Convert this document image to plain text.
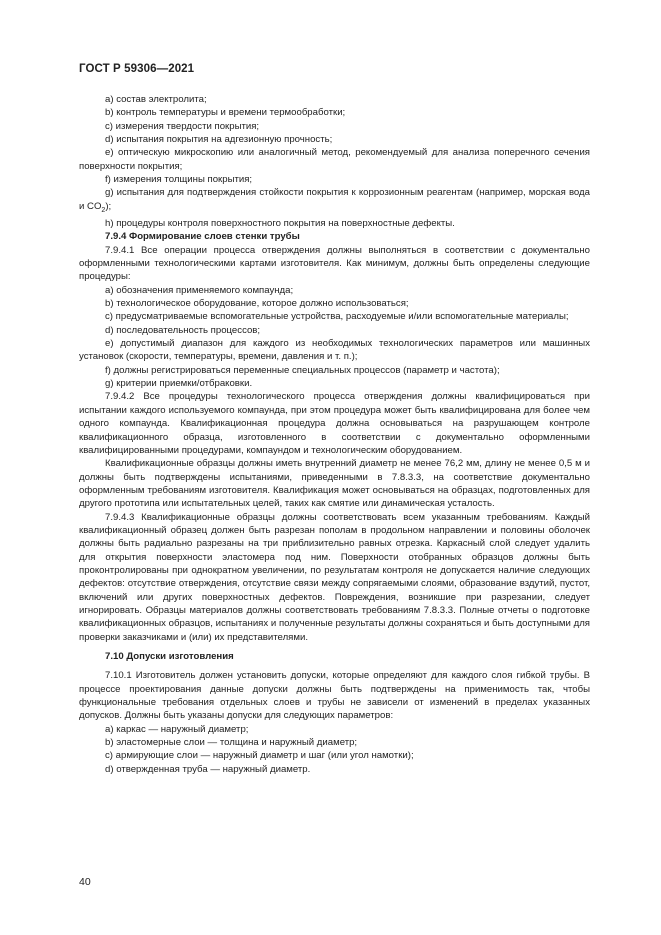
ГОСТ Р 59306—2021

a) состав электролита;

b) контроль температуры и времени термообработки;

c) измерения твердости покрытия;

d) испытания покрытия на адгезионную прочность;

e) оптическую микроскопию или аналогичный метод, рекомендуемый для анализа поперечного сечения поверхности покрытия;

f) измерения толщины покрытия;

g) испытания для подтверждения стойкости покрытия к коррозионным реагентам (например, морская вода и $CO_2$);

h) процедуры контроля поверхностного покрытия на поверхностные дефекты.

7.9.4 Формирование слоев стенки трубы

7.9.4.1 Все операции процесса отверждения должны выполняться в соответствии с документально оформленными технологическими картами изготовителя. Как минимум, должны быть определены следующие процедуры:

a) обозначения применяемого компаунда;

b) технологическое оборудование, которое должно использоваться;

c) предусматриваемые вспомогательные устройства, расходуемые и/или вспомогательные материалы;

d) последовательность процессов;

e) допустимый диапазон для каждого из необходимых технологических параметров или машинных установок (скорости, температуры, времени, давления и т. п.);

f) должны регистрироваться переменные специальных процессов (параметр и частота);

g) критерии приемки/отбраковки.

7.9.4.2 Все процедуры технологического процесса отверждения должны квалифицироваться при испытании каждого используемого компаунда, при этом процедура может быть квалифицирована для более чем одного компаунда. Квалификационная процедура должна основываться на разрушающем контроле квалификационного образца, изготовленного в соответствии с документально оформленными квалифицированными процедурами, компаундом и технологическим оборудованием.

Квалификационные образцы должны иметь внутренний диаметр не менее 76,2 мм, длину не менее 0,5 м и должны быть подтверждены испытаниями, приведенными в 7.8.3.3, на соответствие документально оформленным требованиям изготовителя. Квалификация может основываться на образцах, подготовленных для другого прототипа или испытательных целей, таких как смятие или динамическая усталость.

7.9.4.3 Квалификационные образцы должны соответствовать всем указанным требованиям. Каждый квалификационный образец должен быть разрезан пополам в продольном направлении и половины оболочек должны быть радиально разрезаны на три приблизительно равных отрезка. Каркасный слой следует удалить для открытия поверхности эластомера под ним. Поверхности отобранных образцов должны быть проконтролированы при однократном увеличении, по результатам контроля не допускается наличие следующих дефектов: отсутствие отверждения, отсутствие связи между сопрягаемыми слоями, образование вздутий, пустот, включений или других поверхностных дефектов. Повреждения, возникшие при разрезании, следует игнорировать. Образцы материалов должны соответствовать требованиям 7.8.3.3. Полные отчеты о подготовке квалификационных образцов, испытаниях и полученные результаты должны сохраняться и быть доступными для проверки заказчиками и (или) их представителями.

7.10 Допуски изготовления

7.10.1 Изготовитель должен установить допуски, которые определяют для каждого слоя гибкой трубы. В процессе проектирования данные допуски должны быть подтверждены на применимость так, чтобы функциональные требования отдельных слоев и трубы не зависели от изменений в пределах указанных допусков. Должны быть указаны допуски для следующих параметров:

a) каркас — наружный диаметр;

b) эластомерные слои — толщина и наружный диаметр;

c) армирующие слои — наружный диаметр и шаг (или угол намотки);

d) отвержденная труба — наружный диаметр.

40
